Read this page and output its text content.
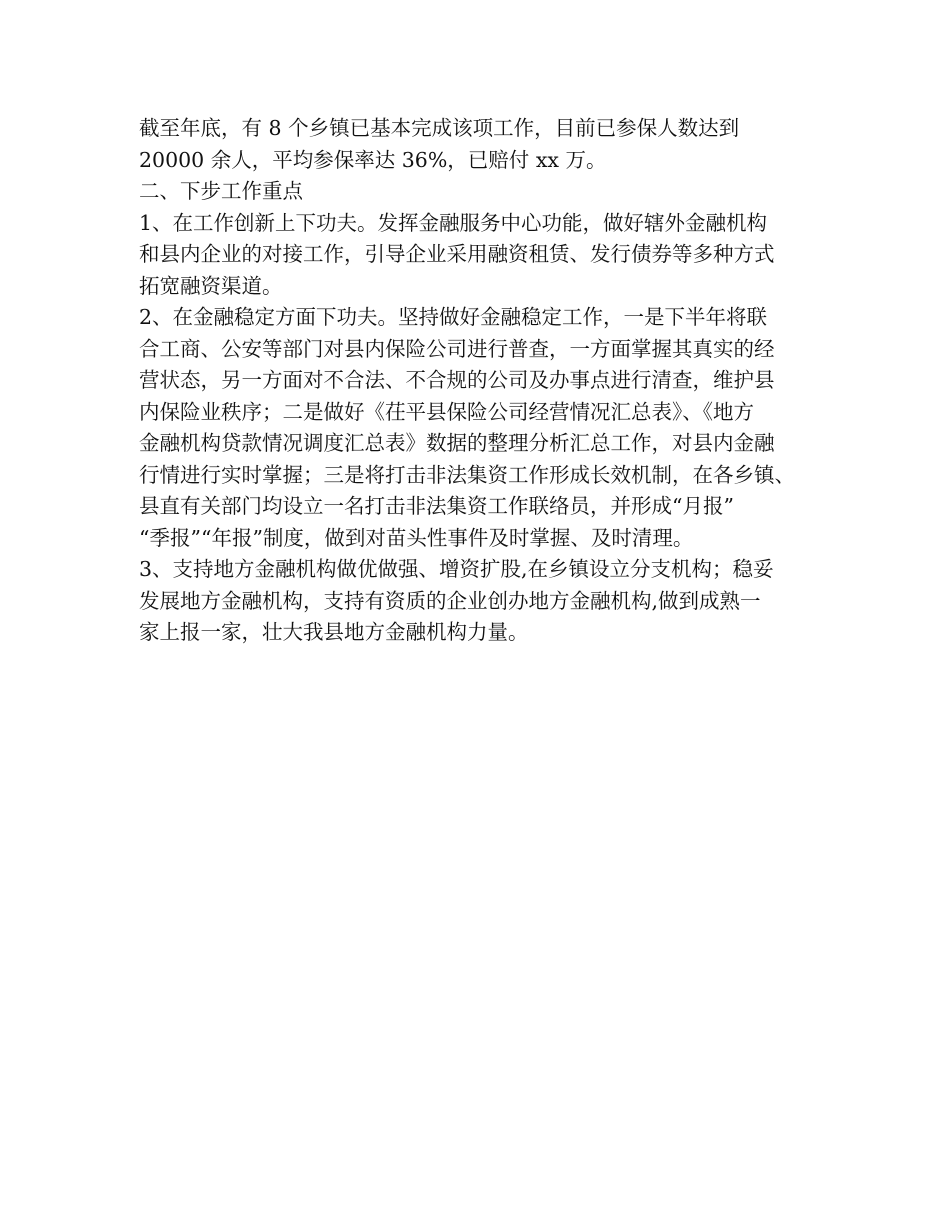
截至年底，有 8 个乡镇已基本完成该项工作，目前已参保人数达到
20000 余人，平均参保率达 36%，已赔付 xx 万。
二、下步工作重点
1、在工作创新上下功夫。发挥金融服务中心功能，做好辖外金融机构
和县内企业的对接工作，引导企业采用融资租赁、发行债券等多种方式
拓宽融资渠道。
2、在金融稳定方面下功夫。坚持做好金融稳定工作，一是下半年将联
合工商、公安等部门对县内保险公司进行普查，一方面掌握其真实的经
营状态，另一方面对不合法、不合规的公司及办事点进行清查，维护县
内保险业秩序；二是做好《茌平县保险公司经营情况汇总表》、《地方
金融机构贷款情况调度汇总表》数据的整理分析汇总工作，对县内金融
行情进行实时掌握；三是将打击非法集资工作形成长效机制，在各乡镇、
县直有关部门均设立一名打击非法集资工作联络员，并形成“月报”
“季报”“年报”制度，做到对苗头性事件及时掌握、及时清理。
3、支持地方金融机构做优做强、增资扩股,在乡镇设立分支机构；稳妥
发展地方金融机构，支持有资质的企业创办地方金融机构,做到成熟一
家上报一家，壮大我县地方金融机构力量。
